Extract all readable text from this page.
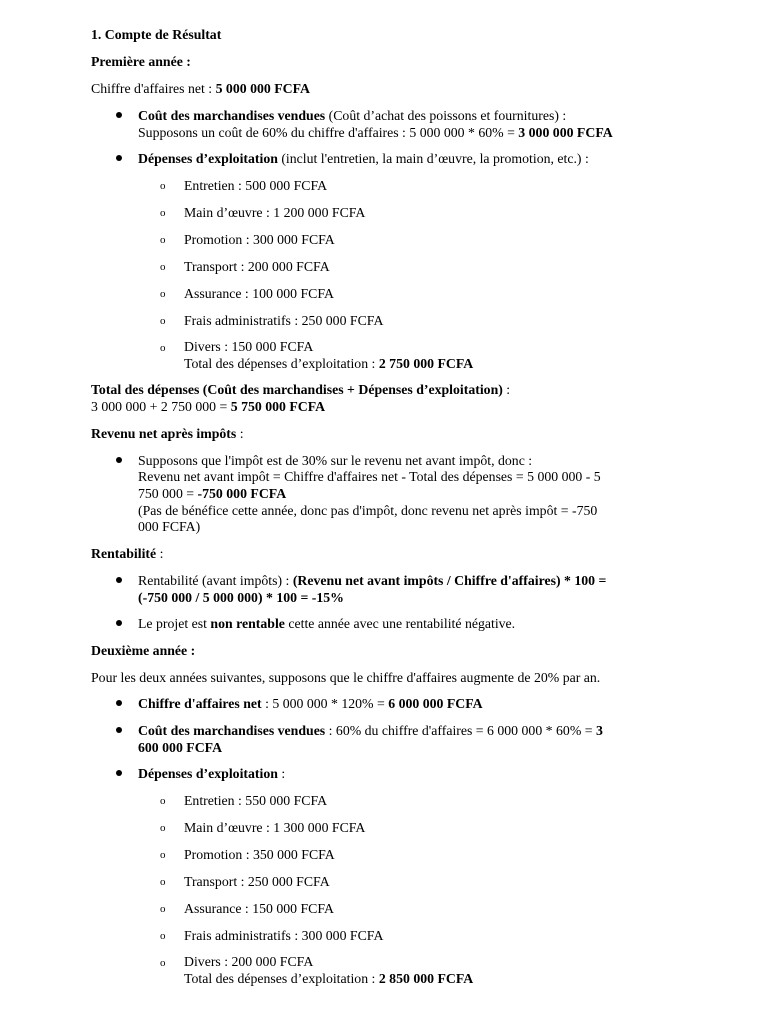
1. Compte de Résultat
Première année :
Chiffre d'affaires net : 5 000 000 FCFA
Coût des marchandises vendues (Coût d’achat des poissons et fournitures) :
Supposons un coût de 60% du chiffre d'affaires : 5 000 000 * 60% = 3 000 000 FCFA
Dépenses d’exploitation (inclut l'entretien, la main d’œuvre, la promotion, etc.) :
o Entretien : 500 000 FCFA
o Main d’œuvre : 1 200 000 FCFA
o Promotion : 300 000 FCFA
o Transport : 200 000 FCFA
o Assurance : 100 000 FCFA
o Frais administratifs : 250 000 FCFA
o Divers : 150 000 FCFA
Total des dépenses d’exploitation : 2 750 000 FCFA
Total des dépenses (Coût des marchandises + Dépenses d’exploitation) :
3 000 000 + 2 750 000 = 5 750 000 FCFA
Revenu net après impôts :
Supposons que l'impôt est de 30% sur le revenu net avant impôt, donc :
Revenu net avant impôt = Chiffre d'affaires net - Total des dépenses = 5 000 000 - 5
750 000 = -750 000 FCFA
(Pas de bénéfice cette année, donc pas d'impôt, donc revenu net après impôt = -750
000 FCFA)
Rentabilité :
Rentabilité (avant impôts) : (Revenu net avant impôts / Chiffre d'affaires) * 100 =
(-750 000 / 5 000 000) * 100 = -15%
Le projet est non rentable cette année avec une rentabilité négative.
Deuxième année :
Pour les deux années suivantes, supposons que le chiffre d'affaires augmente de 20% par an.
Chiffre d'affaires net : 5 000 000 * 120% = 6 000 000 FCFA
Coût des marchandises vendues : 60% du chiffre d'affaires = 6 000 000 * 60% = 3
600 000 FCFA
Dépenses d’exploitation :
o Entretien : 550 000 FCFA
o Main d’œuvre : 1 300 000 FCFA
o Promotion : 350 000 FCFA
o Transport : 250 000 FCFA
o Assurance : 150 000 FCFA
o Frais administratifs : 300 000 FCFA
o Divers : 200 000 FCFA
Total des dépenses d’exploitation : 2 850 000 FCFA
